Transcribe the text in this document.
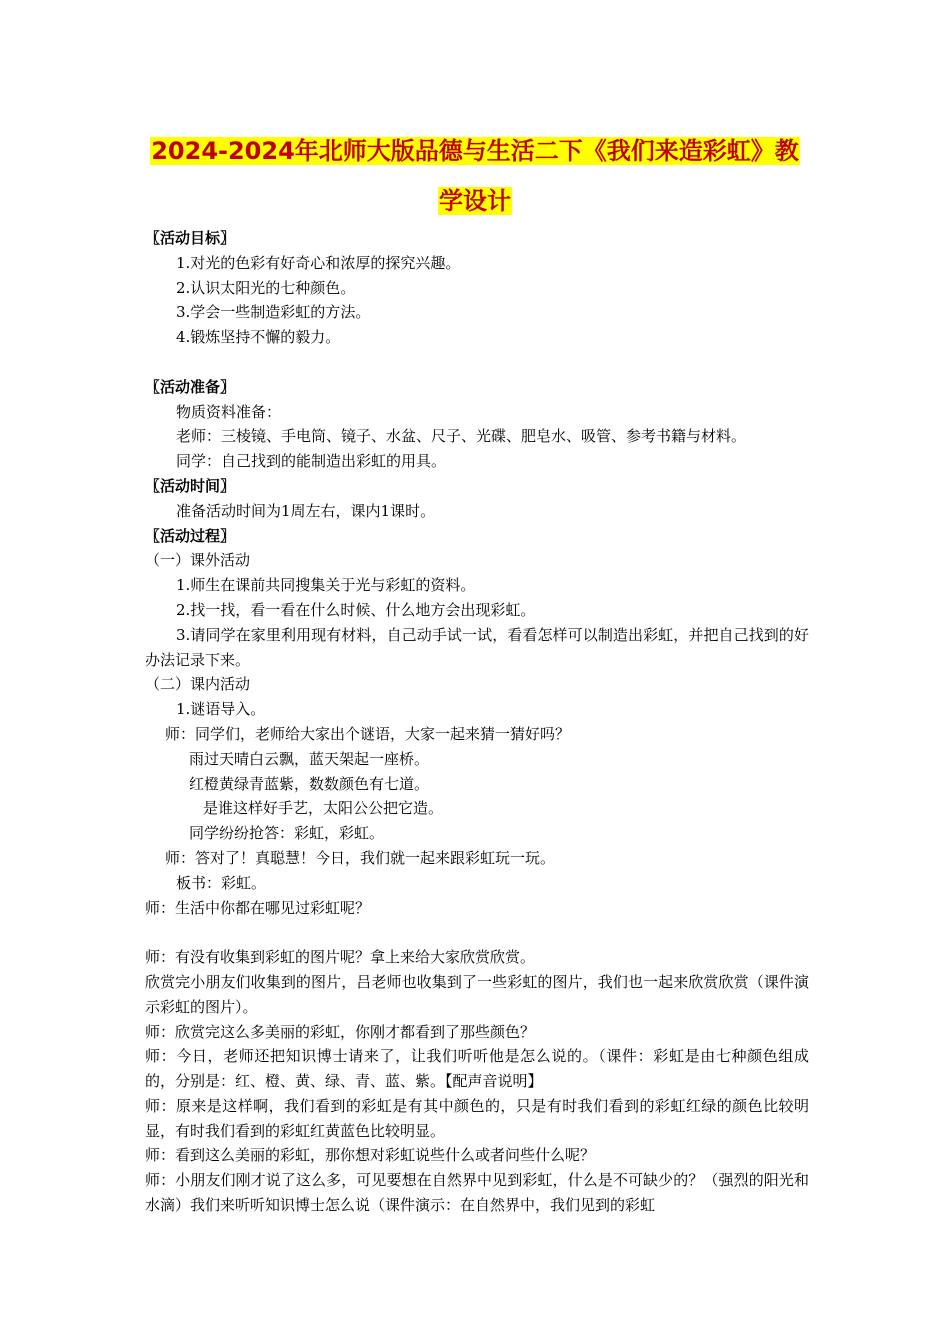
2024-2024年北师大版品德与生活二下《我们来造彩虹》教
学设计

〖活动目标〗

1.对光的色彩有好奇心和浓厚的探究兴趣。

2.认识太阳光的七种颜色。

3.学会一些制造彩虹的方法。

4.锻炼坚持不懈的毅力。

〖活动准备〗

物质资料准备：

老师：三棱镜、手电筒、镜子、水盆、尺子、光碟、肥皂水、吸管、参考书籍与材料。

同学：自己找到的能制造出彩虹的用具。

〖活动时间〗

准备活动时间为1周左右，课内1课时。

〖活动过程〗

（一）课外活动

1.师生在课前共同搜集关于光与彩虹的资料。

2.找一找，看一看在什么时候、什么地方会出现彩虹。

3.请同学在家里利用现有材料，自己动手试一试，看看怎样可以制造出彩虹，并把自己找到的好办法记录下来。

（二）课内活动

1.谜语导入。

师：同学们，老师给大家出个谜语，大家一起来猜一猜好吗？

雨过天晴白云飘，蓝天架起一座桥。

红橙黄绿青蓝紫，数数颜色有七道。

是谁这样好手艺，太阳公公把它造。

同学纷纷抢答：彩虹，彩虹。

师：答对了！真聪慧！今日，我们就一起来跟彩虹玩一玩。

板书：彩虹。

师：生活中你都在哪见过彩虹呢？

师：有没有收集到彩虹的图片呢？拿上来给大家欣赏欣赏。

欣赏完小朋友们收集到的图片，吕老师也收集到了一些彩虹的图片，我们也一起来欣赏欣赏（课件演示彩虹的图片）。

师：欣赏完这么多美丽的彩虹，你刚才都看到了那些颜色？

师：今日，老师还把知识博士请来了，让我们听听他是怎么说的。（课件：彩虹是由七种颜色组成的，分别是：红、橙、黄、绿、青、蓝、紫。【配声音说明】

师：原来是这样啊，我们看到的彩虹是有其中颜色的，只是有时我们看到的彩虹红绿的颜色比较明显，有时我们看到的彩虹红黄蓝色比较明显。

师：看到这么美丽的彩虹，那你想对彩虹说些什么或者问些什么呢？

师：小朋友们刚才说了这么多，可见要想在自然界中见到彩虹，什么是不可缺少的？（强烈的阳光和水滴）我们来听听知识博士怎么说（课件演示：在自然界中，我们见到的彩虹
